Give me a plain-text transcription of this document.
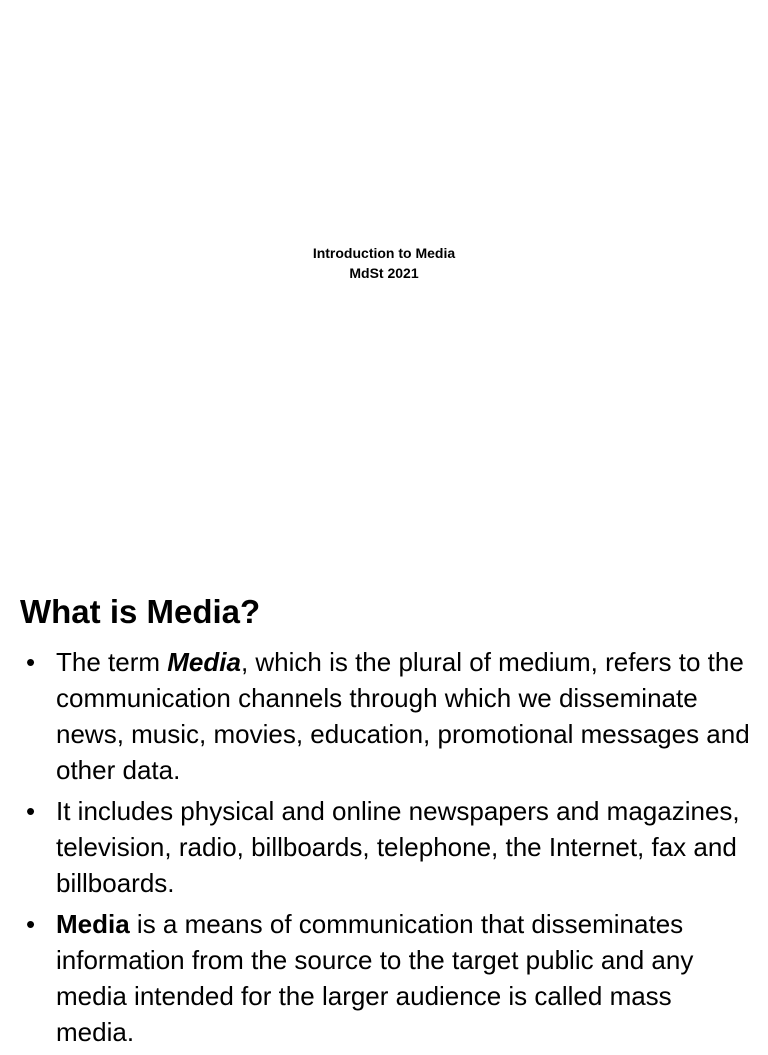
Introduction to Media
MdSt 2021
What is Media?
• The term Media, which is the plural of medium, refers to the communication channels through which we disseminate news, music, movies, education, promotional messages and other data.
• It includes physical and online newspapers and magazines, television, radio, billboards, telephone, the Internet, fax and billboards.
• Media is a means of communication that disseminates information from the source to the target public and any media intended for the larger audience is called mass media.
